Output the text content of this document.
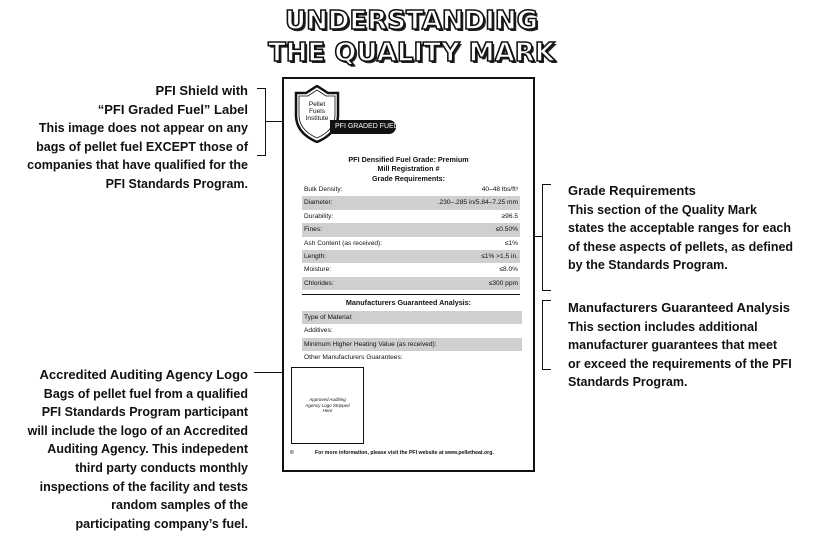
UNDERSTANDING
THE QUALITY MARK
PFI Shield with
“PFI Graded Fuel” Label
This image does not appear on any
bags of pellet fuel EXCEPT those of
companies that have qualified for the
PFI Standards Program.
Accredited Auditing Agency Logo
Bags of pellet fuel from a qualified
PFI Standards Program participant
will include the logo of an Accredited
Auditing Agency. This indepedent
third party conducts monthly
inspections of the facility and tests
random samples of the
participating company’s fuel.
Grade Requirements
This section of the Quality Mark
states the acceptable ranges for each
of these aspects of pellets, as defined
by the Standards Program.
Manufacturers Guaranteed Analysis
This section includes additional
manufacturer guarantees that meet
or exceed the requirements of the PFI
Standards Program.
Pellet
Fuels
Institute
PFI GRADED FUEL
PFI Densified Fuel Grade: Premium
Mill Registration #
Grade Requirements:
Bulk Density:	40–48 lbs/ft³
Diameter:	.230–.285 in/5.84–7.25 mm
Durability:	≥96.5
Fines:	≤0.50%
Ash Content (as received):	≤1%
Length:	≤1% >1.5 in.
Moisture:	≤8.0%
Chlorides:	≤300 ppm
Manufacturers Guaranteed Analysis:
Type of Material:
Additives:
Minimum Higher Heating Value (as received):
Other Manufacturers Guarantees:
Approved Auditing Agency Logo Stripped Here
©	For more information, please visit the PFI website at www.pelletheat.org.
